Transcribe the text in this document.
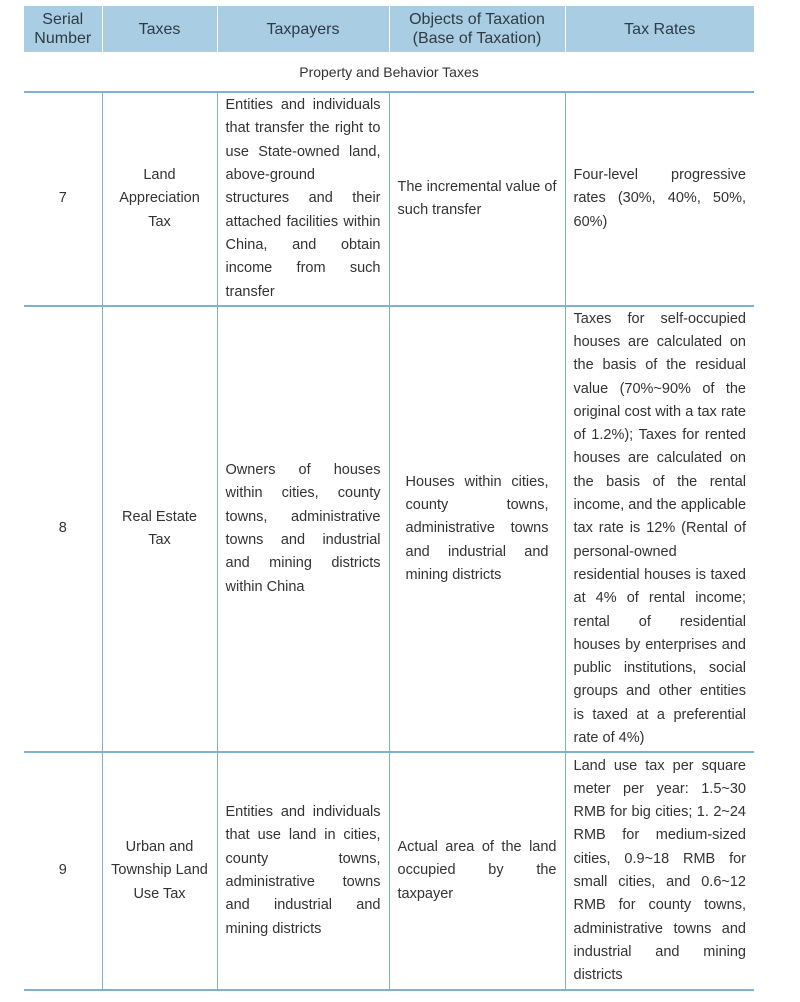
Serial Number	Taxes	Taxpayers	Objects of Taxation (Base of Taxation)	Tax Rates
Property and Behavior Taxes				
7	Land Appreciation Tax	Entities and individuals that transfer the right to use State-owned land, above-ground structures and their attached facilities within China, and obtain income from such transfer	The incremental value of such transfer	Four-level progressive rates (30%, 40%, 50%, 60%)
8	Real Estate Tax	Owners of houses within cities, county towns, administrative towns and industrial and mining districts within China	Houses within cities, county towns, administrative towns and industrial and mining districts	Taxes for self-occupied houses are calculated on the basis of the residual value (70%~90% of the original cost with a tax rate of 1.2%); Taxes for rented houses are calculated on the basis of the rental income, and the applicable tax rate is 12% (Rental of personal-owned residential houses is taxed at 4% of rental income; rental of residential houses by enterprises and public institutions, social groups and other entities is taxed at a preferential rate of 4%)
9	Urban and Township Land Use Tax	Entities and individuals that use land in cities, county towns, administrative towns and industrial and mining districts	Actual area of the land occupied by the taxpayer	Land use tax per square meter per year: 1.5~30 RMB for big cities; 1. 2~24 RMB for medium-sized cities, 0.9~18 RMB for small cities, and 0.6~12 RMB for county towns, administrative towns and industrial and mining districts
